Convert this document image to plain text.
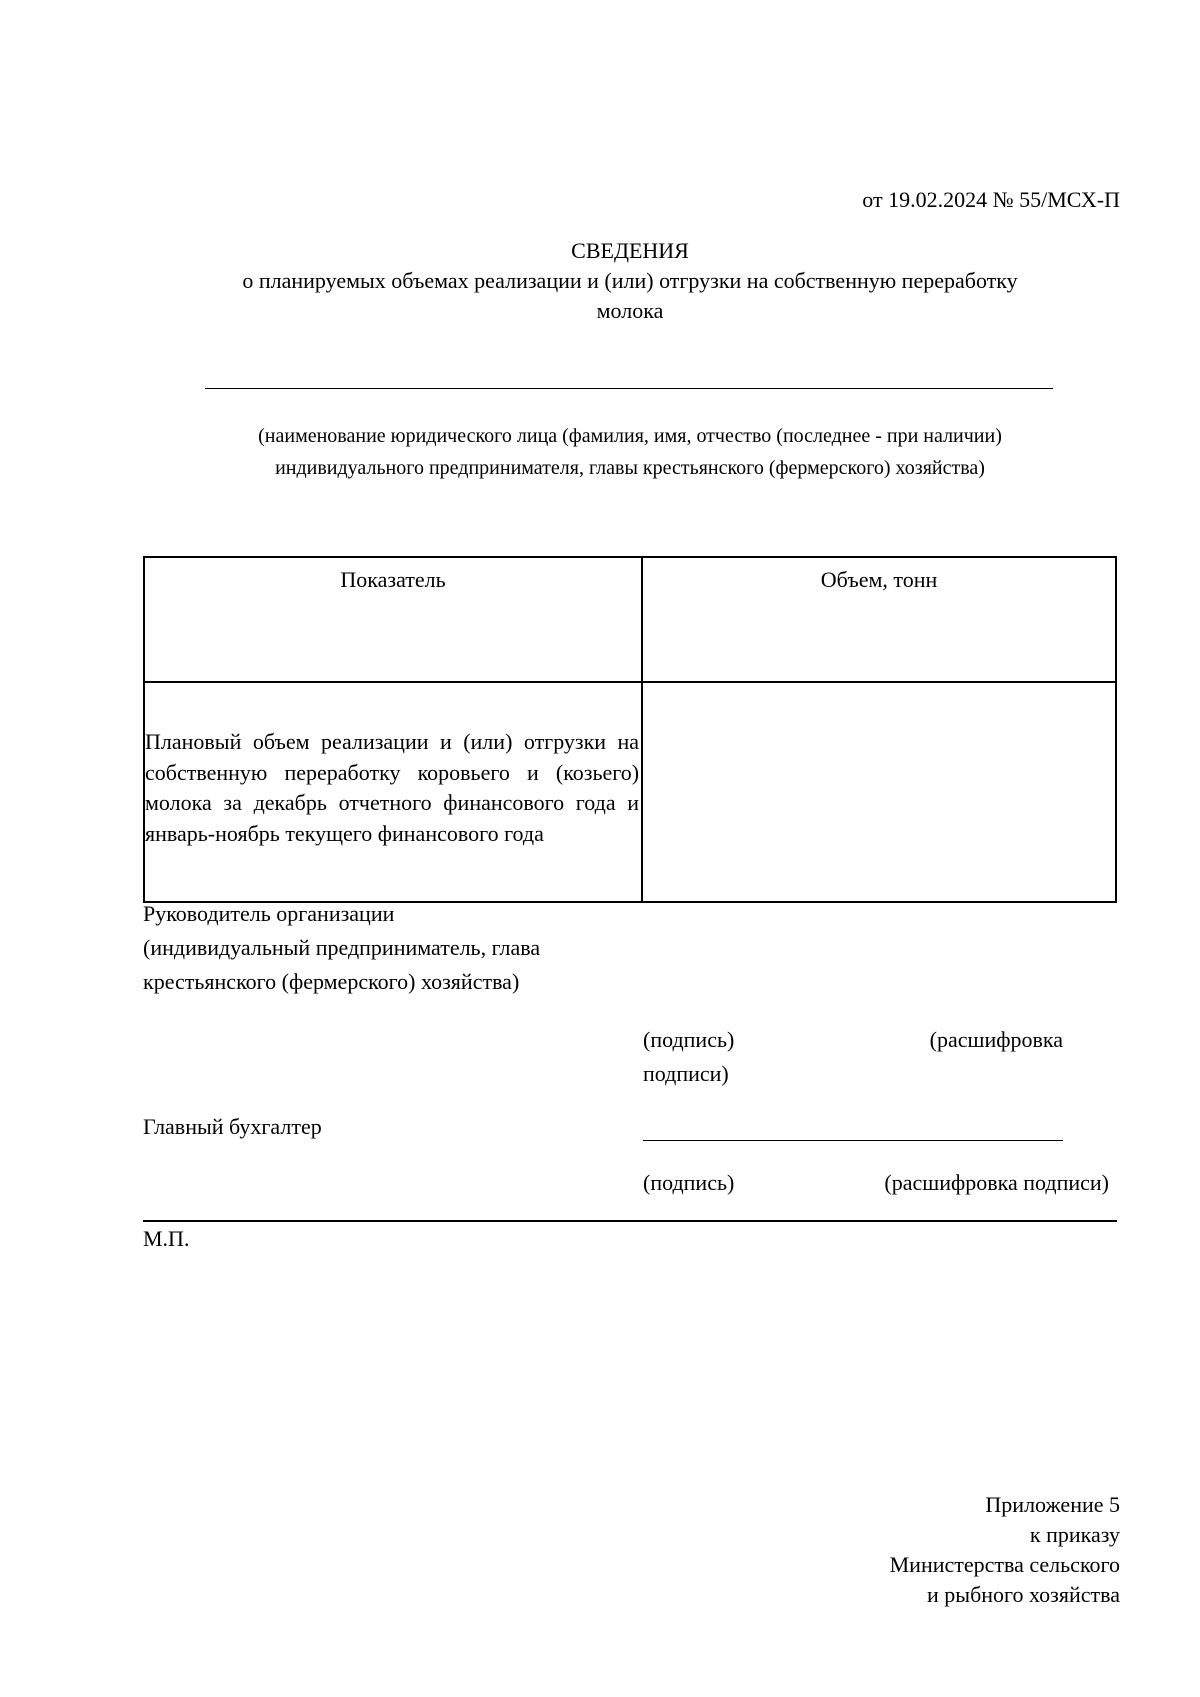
от 19.02.2024 № 55/МСХ-П
СВЕДЕНИЯ
о планируемых объемах реализации и (или) отгрузки на собственную переработку
молока
(наименование юридического лица (фамилия, имя, отчество (последнее - при наличии)
индивидуального предпринимателя, главы крестьянского (фермерского) хозяйства)
Показатель	Объем, тонн

Плановый объем реализации и (или) отгрузки на собственную переработку коровьего и (козьего) молока за декабрь отчетного финансового года и январь-ноябрь текущего финансового года	

Руководитель организации
(индивидуальный предприниматель, глава
крестьянского (фермерского) хозяйства)
(подпись)	(расшифровка
подписи)
Главный бухгалтер
(подпись)	(расшифровка подписи)
М.П.
Приложение 5
к приказу
Министерства сельского
и рыбного хозяйства
